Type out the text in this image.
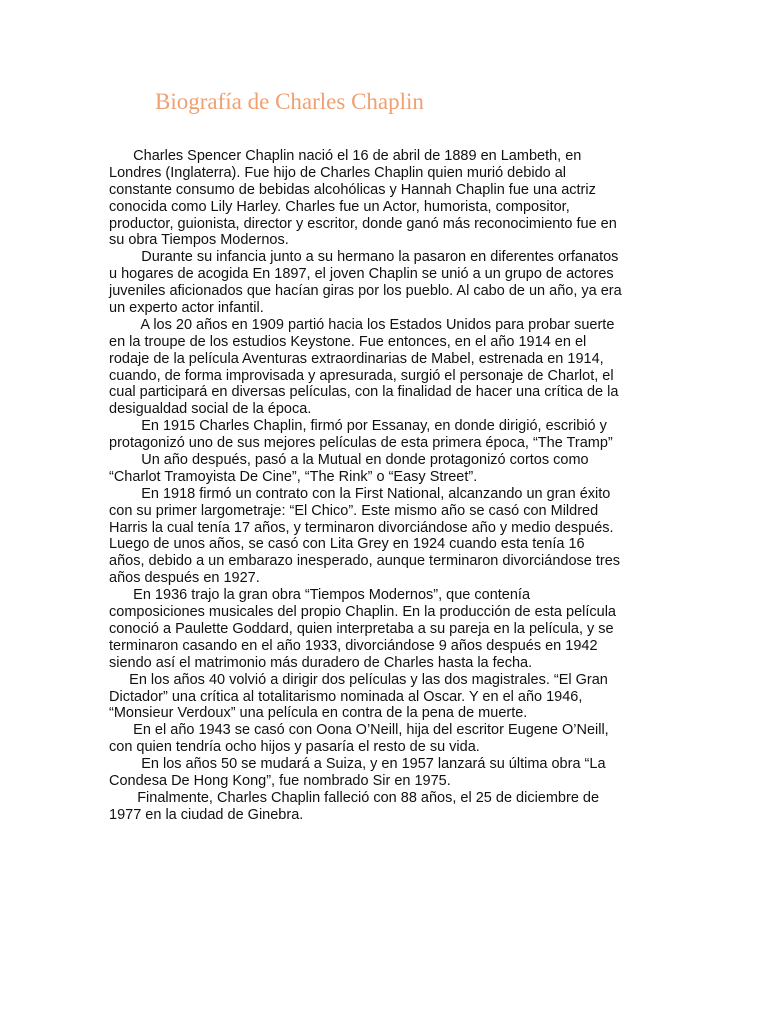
Biografía de Charles Chaplin
Charles Spencer Chaplin nació el 16 de abril de 1889 en Lambeth, en
Londres (Inglaterra). Fue hijo de Charles Chaplin quien murió debido al
constante consumo de bebidas alcohólicas y Hannah Chaplin fue una actriz
conocida como Lily Harley. Charles fue un Actor, humorista, compositor,
productor, guionista, director y escritor, donde ganó más reconocimiento fue en
su obra Tiempos Modernos.
Durante su infancia junto a su hermano la pasaron en diferentes orfanatos
u hogares de acogida En 1897, el joven Chaplin se unió a un grupo de actores
juveniles aficionados que hacían giras por los pueblo. Al cabo de un año, ya era
un experto actor infantil.
A los 20 años en 1909 partió hacia los Estados Unidos para probar suerte
en la troupe de los estudios Keystone. Fue entonces, en el año 1914 en el
rodaje de la película Aventuras extraordinarias de Mabel, estrenada en 1914,
cuando, de forma improvisada y apresurada, surgió el personaje de Charlot, el
cual participará en diversas películas, con la finalidad de hacer una crítica de la
desigualdad social de la época.
En 1915 Charles Chaplin, firmó por Essanay, en donde dirigió, escribió y
protagonizó uno de sus mejores películas de esta primera época, “The Tramp”
Un año después, pasó a la Mutual en donde protagonizó cortos como
“Charlot Tramoyista De Cine”, “The Rink” o “Easy Street”.
En 1918 firmó un contrato con la First National, alcanzando un gran éxito
con su primer largometraje: “El Chico”. Este mismo año se casó con Mildred
Harris la cual tenía 17 años, y terminaron divorciándose año y medio después.
Luego de unos años, se casó con Lita Grey en 1924 cuando esta tenía 16
años, debido a un embarazo inesperado, aunque terminaron divorciándose tres
años después en 1927.
En 1936 trajo la gran obra “Tiempos Modernos”, que contenía
composiciones musicales del propio Chaplin. En la producción de esta película
conoció a Paulette Goddard, quien interpretaba a su pareja en la película, y se
terminaron casando en el año 1933, divorciándose 9 años después en 1942
siendo así el matrimonio más duradero de Charles hasta la fecha.
En los años 40 volvió a dirigir dos películas y las dos magistrales. “El Gran
Dictador” una crítica al totalitarismo nominada al Oscar. Y en el año 1946,
“Monsieur Verdoux” una película en contra de la pena de muerte.
En el año 1943 se casó con Oona O’Neill, hija del escritor Eugene O’Neill,
con quien tendría ocho hijos y pasaría el resto de su vida.
En los años 50 se mudará a Suiza, y en 1957 lanzará su última obra “La
Condesa De Hong Kong”, fue nombrado Sir en 1975.
Finalmente, Charles Chaplin falleció con 88 años, el 25 de diciembre de
1977 en la ciudad de Ginebra.
